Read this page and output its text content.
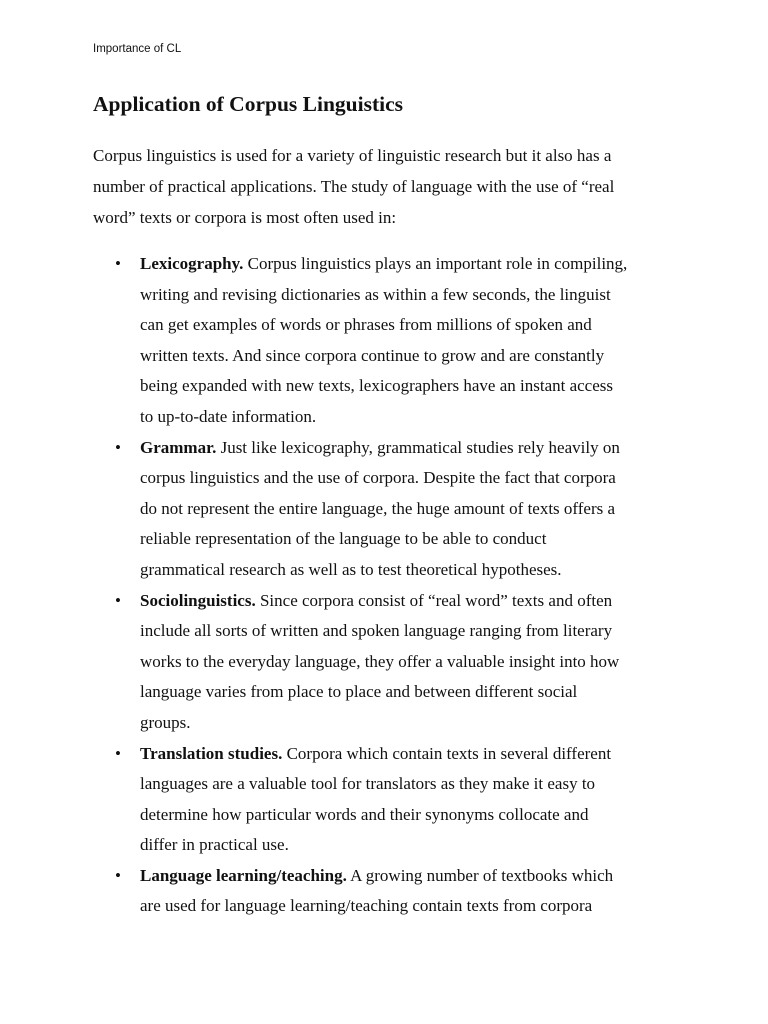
Importance of CL
Application of Corpus Linguistics

Corpus linguistics is used for a variety of linguistic research but it also has a
number of practical applications. The study of language with the use of “real
word” texts or corpora is most often used in:

• Lexicography. Corpus linguistics plays an important role in compiling,
writing and revising dictionaries as within a few seconds, the linguist
can get examples of words or phrases from millions of spoken and
written texts. And since corpora continue to grow and are constantly
being expanded with new texts, lexicographers have an instant access
to up-to-date information.
• Grammar. Just like lexicography, grammatical studies rely heavily on
corpus linguistics and the use of corpora. Despite the fact that corpora
do not represent the entire language, the huge amount of texts offers a
reliable representation of the language to be able to conduct
grammatical research as well as to test theoretical hypotheses.
• Sociolinguistics. Since corpora consist of “real word” texts and often
include all sorts of written and spoken language ranging from literary
works to the everyday language, they offer a valuable insight into how
language varies from place to place and between different social
groups.
• Translation studies. Corpora which contain texts in several different
languages are a valuable tool for translators as they make it easy to
determine how particular words and their synonyms collocate and
differ in practical use.
• Language learning/teaching. A growing number of textbooks which
are used for language learning/teaching contain texts from corpora
